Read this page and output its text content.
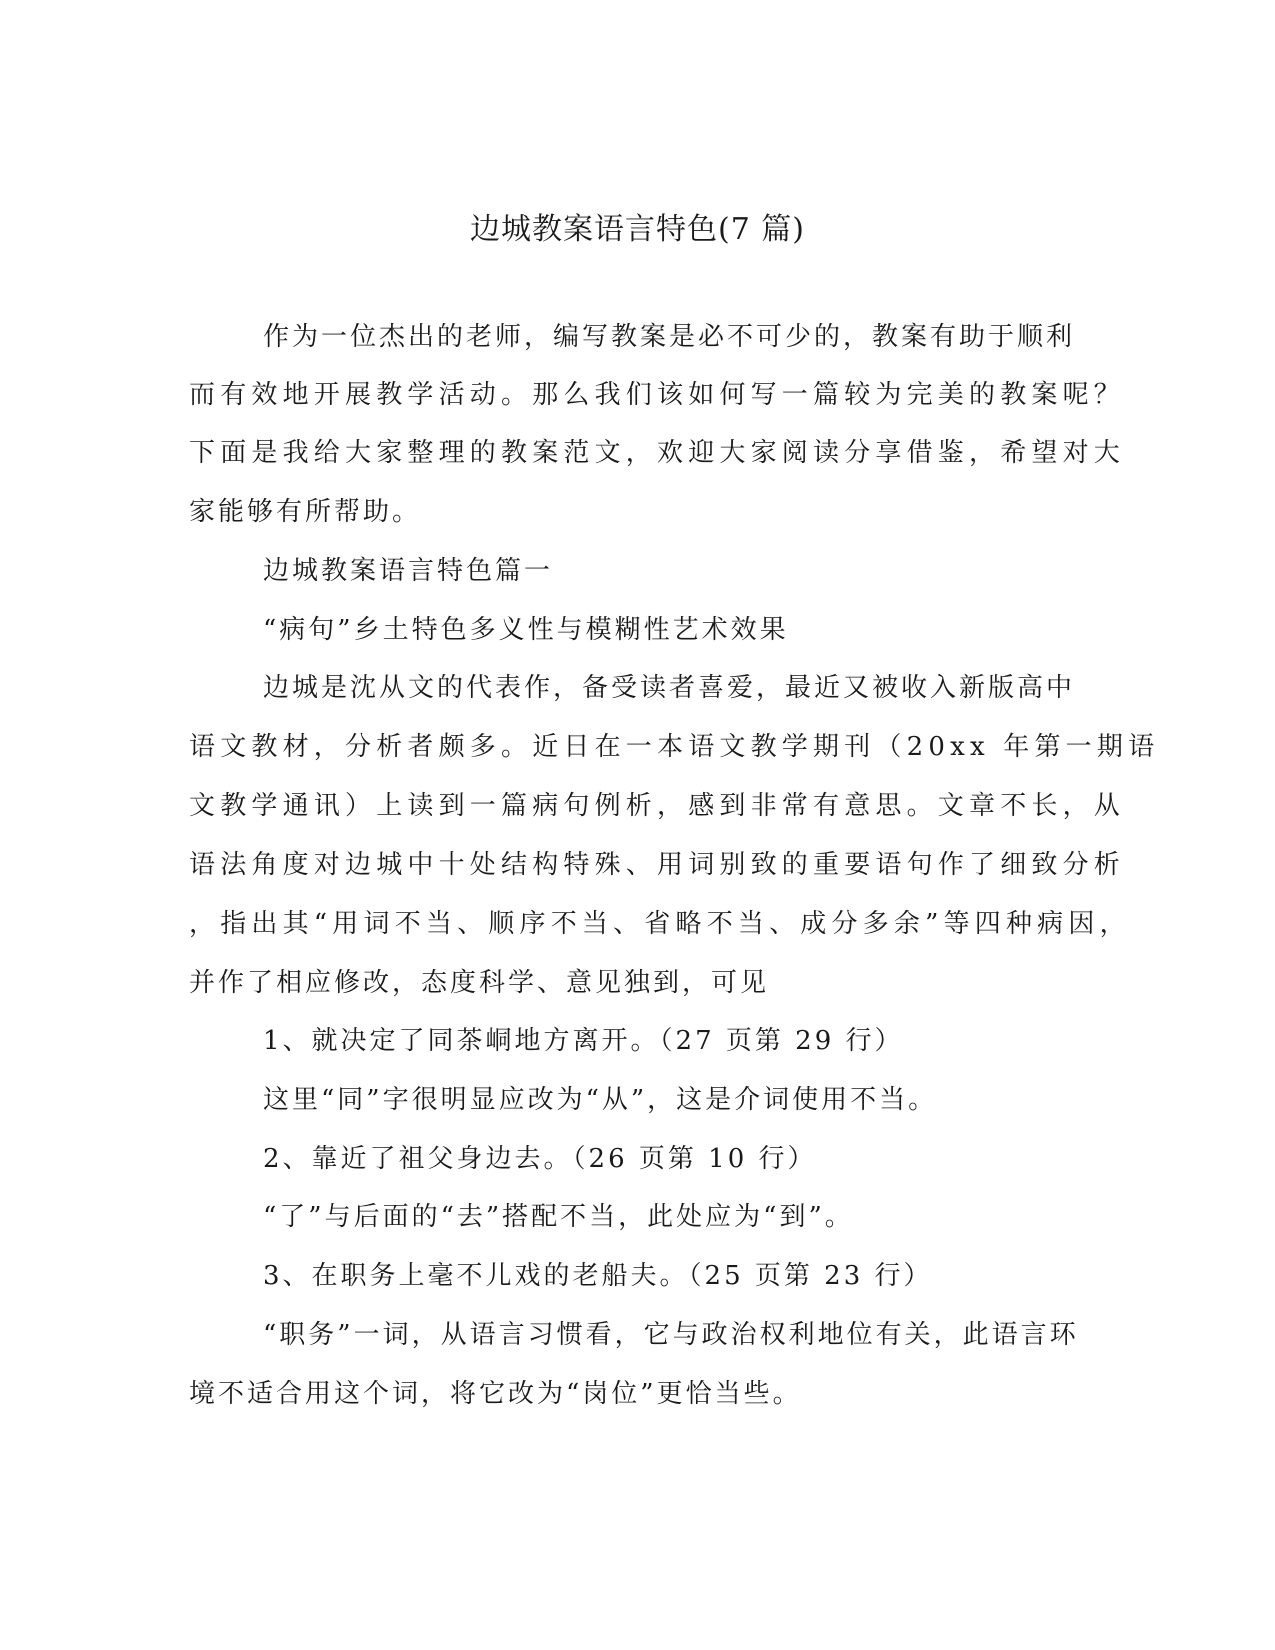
边城教案语言特色(7 篇)
作为一位杰出的老师，编写教案是必不可少的，教案有助于顺利
而有效地开展教学活动。那么我们该如何写一篇较为完美的教案呢？
下面是我给大家整理的教案范文，欢迎大家阅读分享借鉴，希望对大
家能够有所帮助。
边城教案语言特色篇一
“病句”乡土特色多义性与模糊性艺术效果
边城是沈从文的代表作，备受读者喜爱，最近又被收入新版高中
语文教材，分析者颇多。近日在一本语文教学期刊（20xx 年第一期语
文教学通讯）上读到一篇病句例析，感到非常有意思。文章不长，从
语法角度对边城中十处结构特殊、用词别致的重要语句作了细致分析
，指出其“用词不当、顺序不当、省略不当、成分多余”等四种病因，
并作了相应修改，态度科学、意见独到，可见
1、就决定了同茶峒地方离开。（27 页第 29 行）
这里“同”字很明显应改为“从”，这是介词使用不当。
2、靠近了祖父身边去。（26 页第 10 行）
“了”与后面的“去”搭配不当，此处应为“到”。
3、在职务上毫不儿戏的老船夫。（25 页第 23 行）
“职务”一词，从语言习惯看，它与政治权利地位有关，此语言环
境不适合用这个词，将它改为“岗位”更恰当些。
